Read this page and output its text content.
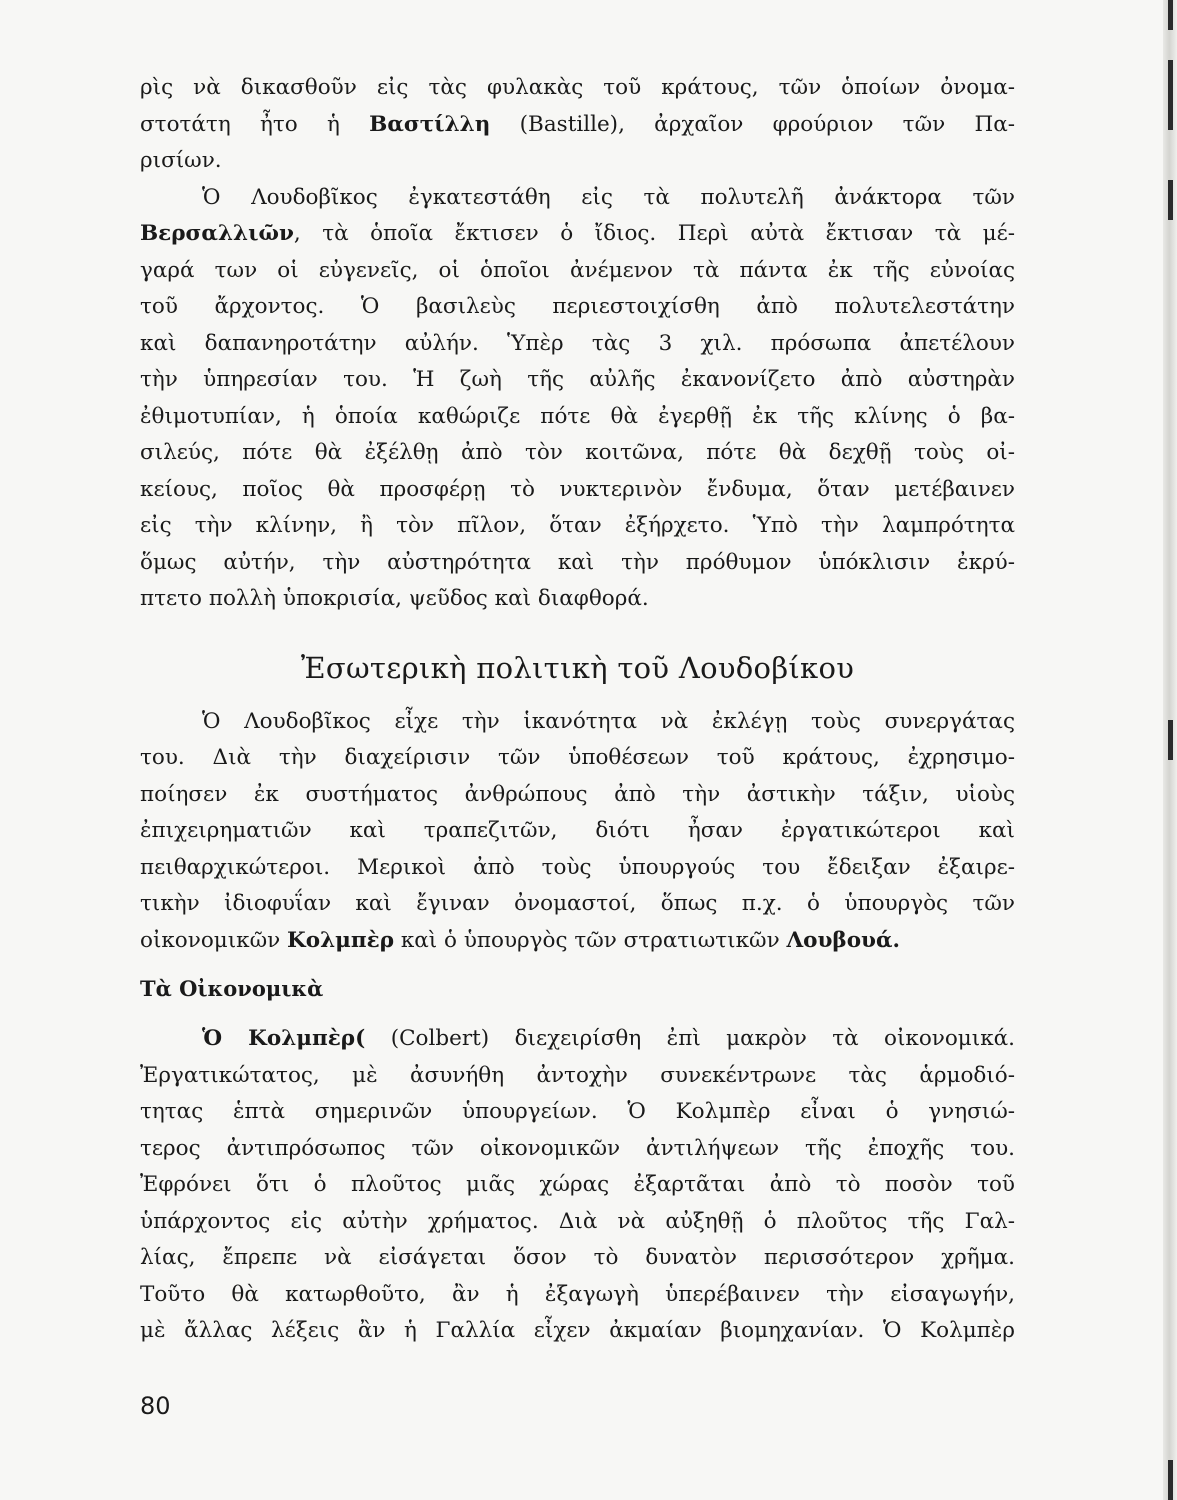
ρὶς νὰ δικασθοῦν εἰς τὰς φυλακὰς τοῦ κράτους, τῶν ὁποίων ὀνομα-
στοτάτη ἦτο ἡ Βαστίλλη (Bastille), ἀρχαῖον φρούριον τῶν Πα-
ρισίων.
Ὁ Λουδοβῖκος ἐγκατεστάθη εἰς τὰ πολυτελῆ ἀνάκτορα τῶν
Βερσαλλιῶν, τὰ ὁποῖα ἔκτισεν ὁ ἴδιος. Περὶ αὐτὰ ἔκτισαν τὰ μέ-
γαρά των οἱ εὐγενεῖς, οἱ ὁποῖοι ἀνέμενον τὰ πάντα ἐκ τῆς εὐνοίας
τοῦ ἄρχοντος. Ὁ βασιλεὺς περιεστοιχίσθη ἀπὸ πολυτελεστάτην
καὶ δαπανηροτάτην αὐλήν. Ὑπὲρ τὰς 3 χιλ. πρόσωπα ἀπετέλουν
τὴν ὑπηρεσίαν του. Ἡ ζωὴ τῆς αὐλῆς ἐκανονίζετο ἀπὸ αὐστηρὰν
ἐθιμοτυπίαν, ἡ ὁποία καθώριζε πότε θὰ ἐγερθῇ ἐκ τῆς κλίνης ὁ βα-
σιλεύς, πότε θὰ ἐξέλθῃ ἀπὸ τὸν κοιτῶνα, πότε θὰ δεχθῇ τοὺς οἰ-
κείους, ποῖος θὰ προσφέρῃ τὸ νυκτερινὸν ἔνδυμα, ὅταν μετέβαινεν
εἰς τὴν κλίνην, ἢ τὸν πῖλον, ὅταν ἐξήρχετο. Ὑπὸ τὴν λαμπρότητα
ὅμως αὐτήν, τὴν αὐστηρότητα καὶ τὴν πρόθυμον ὑπόκλισιν ἐκρύ-
πτετο πολλὴ ὑποκρισία, ψεῦδος καὶ διαφθορά.
Ἐσωτερικὴ πολιτικὴ τοῦ Λουδοβίκου
Ὁ Λουδοβῖκος εἶχε τὴν ἱκανότητα νὰ ἐκλέγῃ τοὺς συνεργάτας
του. Διὰ τὴν διαχείρισιν τῶν ὑποθέσεων τοῦ κράτους, ἐχρησιμο-
ποίησεν ἐκ συστήματος ἀνθρώπους ἀπὸ τὴν ἀστικὴν τάξιν, υἱοὺς
ἐπιχειρηματιῶν καὶ τραπεζιτῶν, διότι ἦσαν ἐργατικώτεροι καὶ
πειθαρχικώτεροι. Μερικοὶ ἀπὸ τοὺς ὑπουργούς του ἔδειξαν ἐξαιρε-
τικὴν ἰδιοφυΐαν καὶ ἔγιναν ὀνομαστοί, ὅπως π.χ. ὁ ὑπουργὸς τῶν
οἰκονομικῶν Κολμπὲρ καὶ ὁ ὑπουργὸς τῶν στρατιωτικῶν Λουβουά.
Τὰ Οἰκονομικὰ
Ὁ Κολμπὲρ( (Colbert) διεχειρίσθη ἐπὶ μακρὸν τὰ οἰκονομικά.
Ἐργατικώτατος, μὲ ἀσυνήθη ἀντοχὴν συνεκέντρωνε τὰς ἁρμοδιό-
τητας ἑπτὰ σημερινῶν ὑπουργείων. Ὁ Κολμπὲρ εἶναι ὁ γνησιώ-
τερος ἀντιπρόσωπος τῶν οἰκονομικῶν ἀντιλήψεων τῆς ἐποχῆς του.
Ἐφρόνει ὅτι ὁ πλοῦτος μιᾶς χώρας ἐξαρτᾶται ἀπὸ τὸ ποσὸν τοῦ
ὑπάρχοντος εἰς αὐτὴν χρήματος. Διὰ νὰ αὐξηθῇ ὁ πλοῦτος τῆς Γαλ-
λίας, ἔπρεπε νὰ εἰσάγεται ὅσον τὸ δυνατὸν περισσότερον χρῆμα.
Τοῦτο θὰ κατωρθοῦτο, ἂν ἡ ἐξαγωγὴ ὑπερέβαινεν τὴν εἰσαγωγήν,
μὲ ἄλλας λέξεις ἂν ἡ Γαλλία εἶχεν ἀκμαίαν βιομηχανίαν. Ὁ Κολμπὲρ
80
